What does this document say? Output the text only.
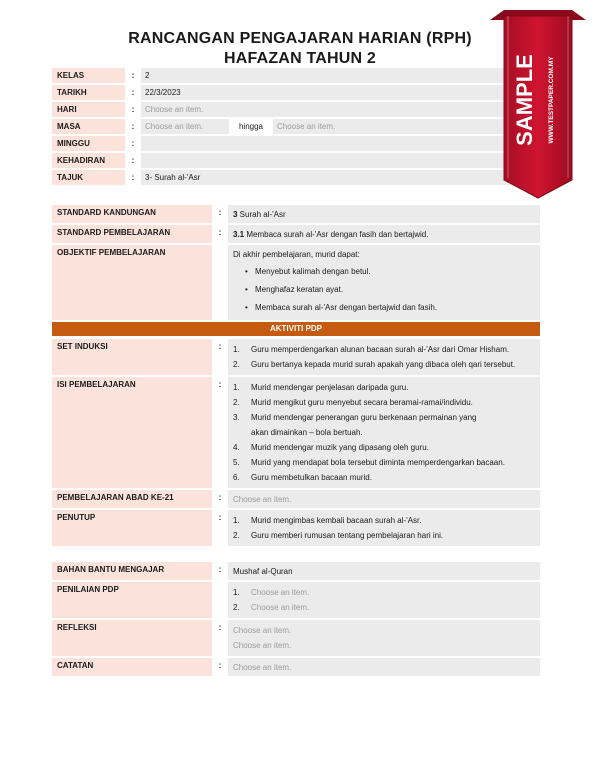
RANCANGAN PENGAJARAN HARIAN (RPH)
HAFAZAN TAHUN 2
KELAS	:	2
TARIKH	:	22/3/2023
HARI	:	Choose an item.
MASA	:	Choose an item.	hingga	Choose an item.
MINGGU	:
KEHADIRAN	:
TAJUK	:	3- Surah al-'Asr
STANDARD KANDUNGAN	:	3 Surah al-'Asr
STANDARD PEMBELAJARAN	:	3.1 Membaca surah al-'Asr dengan fasih dan bertajwid.
OBJEKTIF PEMBELAJARAN	Di akhir pembelajaran, murid dapat:
• Menyebut kalimah dengan betul.
• Menghafaz keratan ayat.
• Membaca surah al-'Asr dengan bertajwid dan fasih.
AKTIVITI PDP
SET INDUKSI	:	1.	Guru memperdengarkan alunan bacaan surah al-'Asr dari Omar Hisham.
2.	Guru bertanya kepada murid surah apakah yang dibaca oleh qari tersebut.
ISI PEMBELAJARAN	:	1.	Murid mendengar penjelasan daripada guru.
2.	Murid mengikut guru menyebut secara beramai-ramai/individu.
3.	Murid mendengar penerangan guru berkenaan permainan yang akan dimainkan – bola bertuah.
4.	Murid mendengar muzik yang dipasang oleh guru.
5.	Murid yang mendapat bola tersebut diminta memperdengarkan bacaan.
6.	Guru membetulkan bacaan murid.
PEMBELAJARAN ABAD KE-21	:	Choose an item.
PENUTUP	:	1.	Murid mengimbas kembali bacaan surah al-'Asr.
2.	Guru memberi rumusan tentang pembelajaran hari ini.
BAHAN BANTU MENGAJAR	:	Mushaf al-Quran
PENILAIAN PDP	1.	Choose an item.
2.	Choose an item.
REFLEKSI	:	Choose an item.
Choose an item.
CATATAN	:	Choose an item.
SAMPLE WWW.TESTPAPER.COM.MY
